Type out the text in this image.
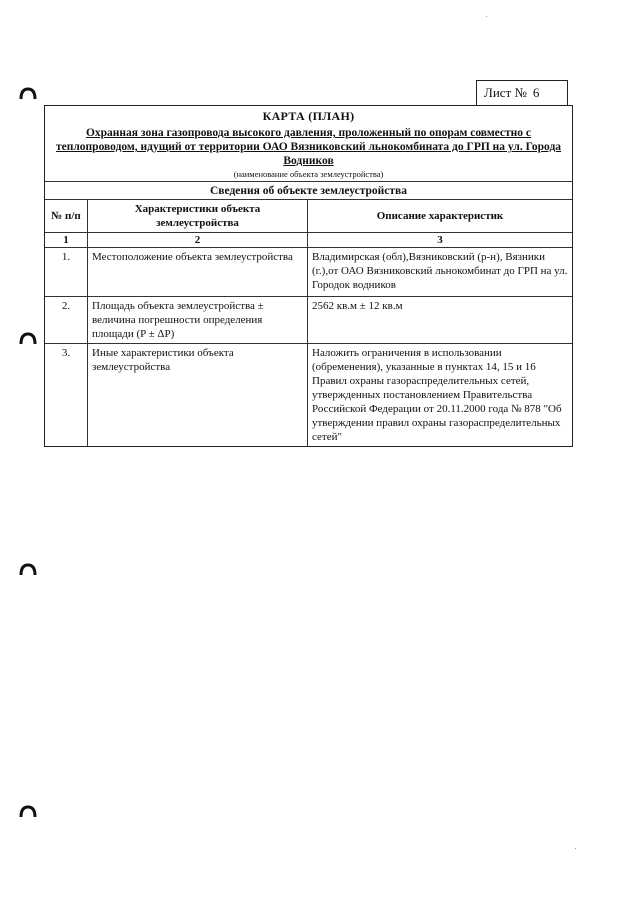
Лист № 6
КАРТА (ПЛАН)
Охранная зона газопровода высокого давления, проложенный по опорам совместно с теплопроводом, идущий от территории ОАО Вязниковский льнокомбината до ГРП на ул. Города Водников
(наименование объекта землеустройства)
Сведения об объекте землеустройства
№ п/п	Характеристики объекта землеустройства	Описание характеристик
1	2	3
1.	Местоположение объекта землеустройства	Владимирская (обл),Вязниковский (р-н), Вязники (г.),от ОАО Вязниковский льнокомбинат до ГРП на ул. Городок водников
2.	Площадь объекта землеустройства ± величина погрешности определения площади (P ± ΔP)	2562 кв.м ± 12 кв.м
3.	Иные характеристики объекта землеустройства	Наложить ограничения в использовании (обременения), указанные в пунктах 14, 15 и 16 Правил охраны газораспределительных сетей, утвержденных постановлением Правительства Российской Федерации от 20.11.2000 года № 878 "Об утверждении правил охраны газораспределительных сетей"
